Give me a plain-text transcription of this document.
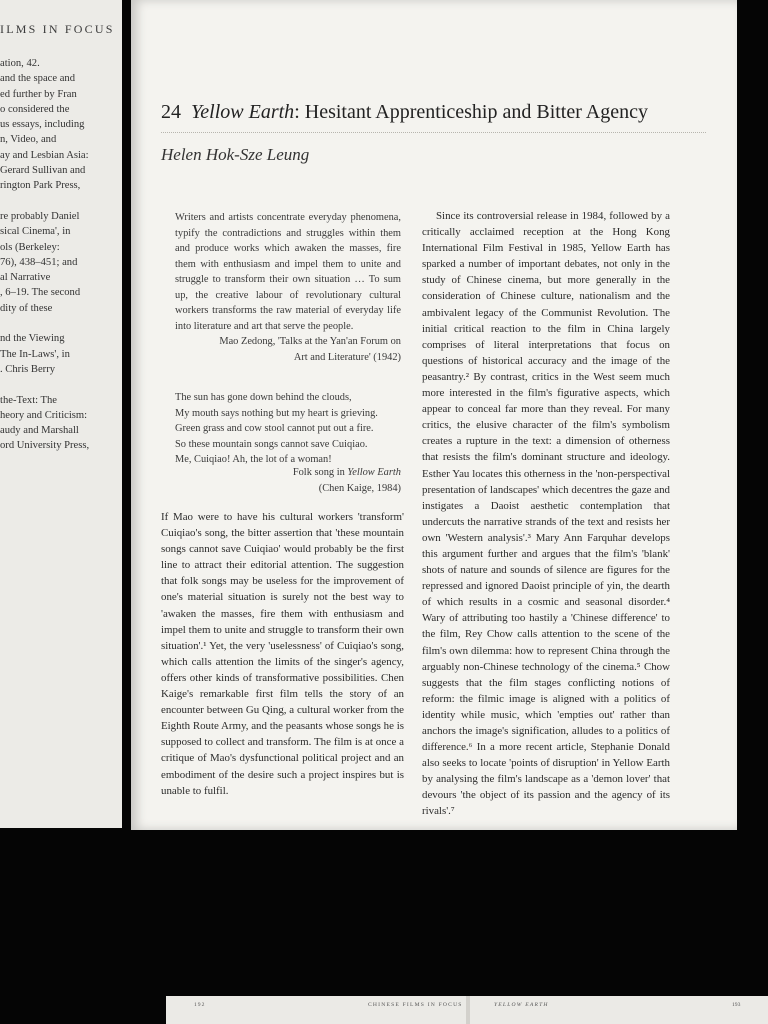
ILMS IN FOCUS
ation, 42.
and the space and
ed further by Fran
o considered the
us essays, including
n, Video, and
ay and Lesbian Asia:
Gerard Sullivan and
rington Park Press,
re probably Daniel
sical Cinema', in
ols (Berkeley:
76), 438–451; and
al Narrative
, 6–19. The second
dity of these
nd the Viewing
The In-Laws', in
. Chris Berry
the-Text: The
heory and Criticism:
audy and Marshall
ord University Press,
24 Yellow Earth: Hesitant Apprenticeship and Bitter Agency
Helen Hok-Sze Leung
Writers and artists concentrate everyday phenomena, typify the contradictions and struggles within them and produce works which awaken the masses, fire them with enthusiasm and impel them to unite and struggle to transform their own situation … To sum up, the creative labour of revolutionary cultural workers transforms the raw material of everyday life into literature and art that serve the people.
Mao Zedong, 'Talks at the Yan'an Forum on
Art and Literature' (1942)
The sun has gone down behind the clouds,
My mouth says nothing but my heart is grieving.
Green grass and cow stool cannot put out a fire.
So these mountain songs cannot save Cuiqiao.
Me, Cuiqiao! Ah, the lot of a woman!
Folk song in Yellow Earth
(Chen Kaige, 1984)

If Mao were to have his cultural workers 'transform' Cuiqiao's song, the bitter assertion that 'these mountain songs cannot save Cuiqiao' would probably be the first line to attract their editorial attention. The suggestion that folk songs may be useless for the improvement of one's material situation is surely not the best way to 'awaken the masses, fire them with enthusiasm and impel them to unite and struggle to transform their own situation'.¹ Yet, the very 'uselessness' of Cuiqiao's song, which calls attention the limits of the singer's agency, offers other kinds of transformative possibilities. Chen Kaige's remarkable first film tells the story of an encounter between Gu Qing, a cultural worker from the Eighth Route Army, and the peasants whose songs he is supposed to collect and transform. The film is at once a critique of Mao's dysfunctional political project and an embodiment of the desire such a project inspires but is unable to fulfil.

Since its controversial release in 1984, followed by a critically acclaimed reception at the Hong Kong International Film Festival in 1985, Yellow Earth has sparked a number of important debates, not only in the study of Chinese cinema, but more generally in the consideration of Chinese culture, nationalism and the ambivalent legacy of the Communist Revolution. The initial critical reaction to the film in China largely comprises of literal interpretations that focus on questions of historical accuracy and the image of the peasantry.² By contrast, critics in the West seem much more interested in the film's figurative aspects, which appear to conceal far more than they reveal. For many critics, the elusive character of the film's symbolism creates a rupture in the text: a dimension of otherness that resists the film's dominant structure and ideology. Esther Yau locates this otherness in the 'non-perspectival presentation of landscapes' which decentres the gaze and instigates a Daoist aesthetic contemplation that undercuts the narrative strands of the text and resists her own 'Western analysis'.³ Mary Ann Farquhar develops this argument further and argues that the film's 'blank' shots of nature and sounds of silence are figures for the repressed and ignored Daoist principle of yin, the dearth of which results in a cosmic and seasonal disorder.⁴ Wary of attributing too hastily a 'Chinese difference' to the film, Rey Chow calls attention to the scene of the film's own dilemma: how to represent China through the arguably non-Chinese technology of the cinema.⁵ Chow suggests that the film stages conflicting notions of reform: the filmic image is aligned with a politics of identity while music, which 'empties out' rather than anchors the image's signification, alludes to a politics of difference.⁶ In a more recent article, Stephanie Donald also seeks to locate 'points of disruption' in Yellow Earth by analysing the film's landscape as a 'demon lover' that devours 'the object of its passion and the agency of its rivals'.⁷

192	CHINESE FILMS IN FOCUS	YELLOW EARTH	193
